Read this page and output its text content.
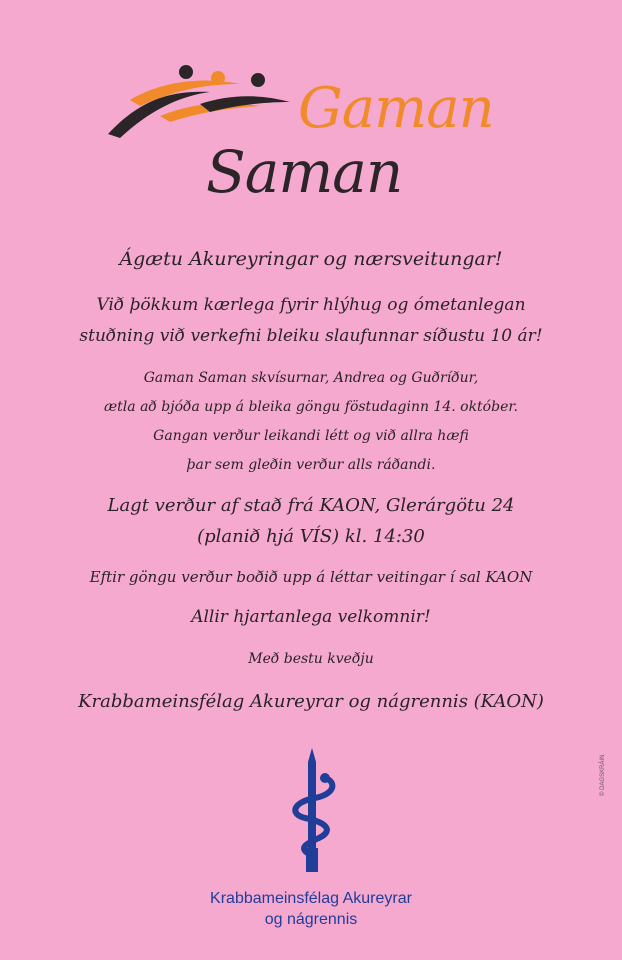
Gaman
Saman
Ágætu Akureyringar og nærsveitungar!
Við þökkum kærlega fyrir hlýhug og ómetanlegan
stuðning við verkefni bleiku slaufunnar síðustu 10 ár!
Gaman Saman skvísurnar, Andrea og Guðríður,
ætla að bjóða upp á bleika göngu föstudaginn 14. október.
Gangan verður leikandi létt og við allra hæfi
þar sem gleðin verður alls ráðandi.
Lagt verður af stað frá KAON, Glerárgötu 24
(planið hjá VÍS) kl. 14:30
Eftir göngu verður boðið upp á léttar veitingar í sal KAON
Allir hjartanlega velkomnir!
Með bestu kveðju
Krabbameinsfélag Akureyrar og nágrennis (KAON)
Krabbameinsfélag Akureyrar
og nágrennis
© DAGSKRÁIN
